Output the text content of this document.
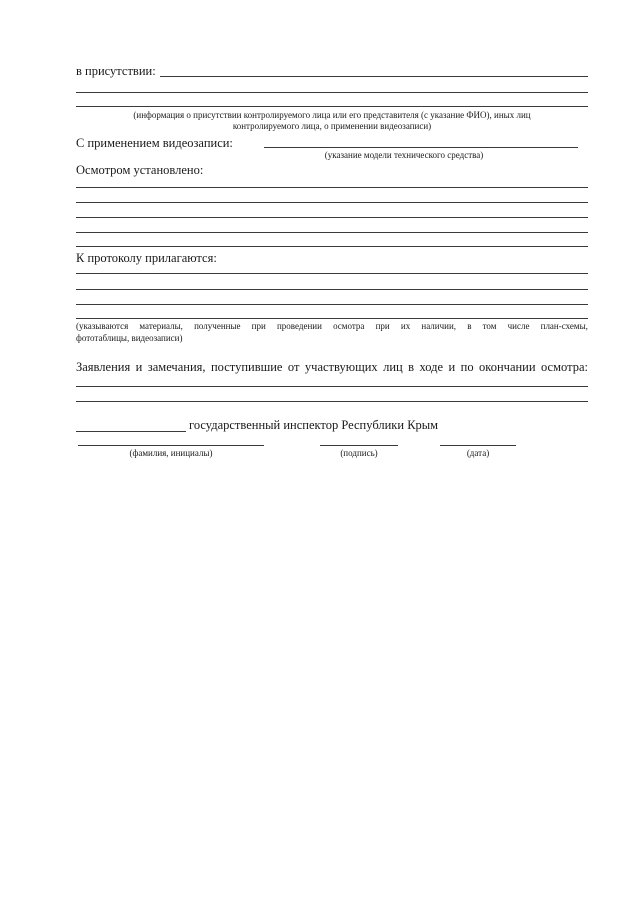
в присутствии:
(информация о присутствии контролируемого лица или его представителя (с указание ФИО), иных лиц
контролируемого лица, о применении видеозаписи)
С применением видеозаписи:
(указание модели технического средства)
Осмотром установлено:
К протоколу прилагаются:
(указываются материалы, полученные при проведении осмотра при их наличии, в том числе план-схемы,
фототаблицы, видеозаписи)
Заявления и замечания, поступившие от участвующих лиц в ходе и по окончании осмотра:
государственный инспектор Республики Крым
(фамилия, инициалы)	(подпись)	(дата)
